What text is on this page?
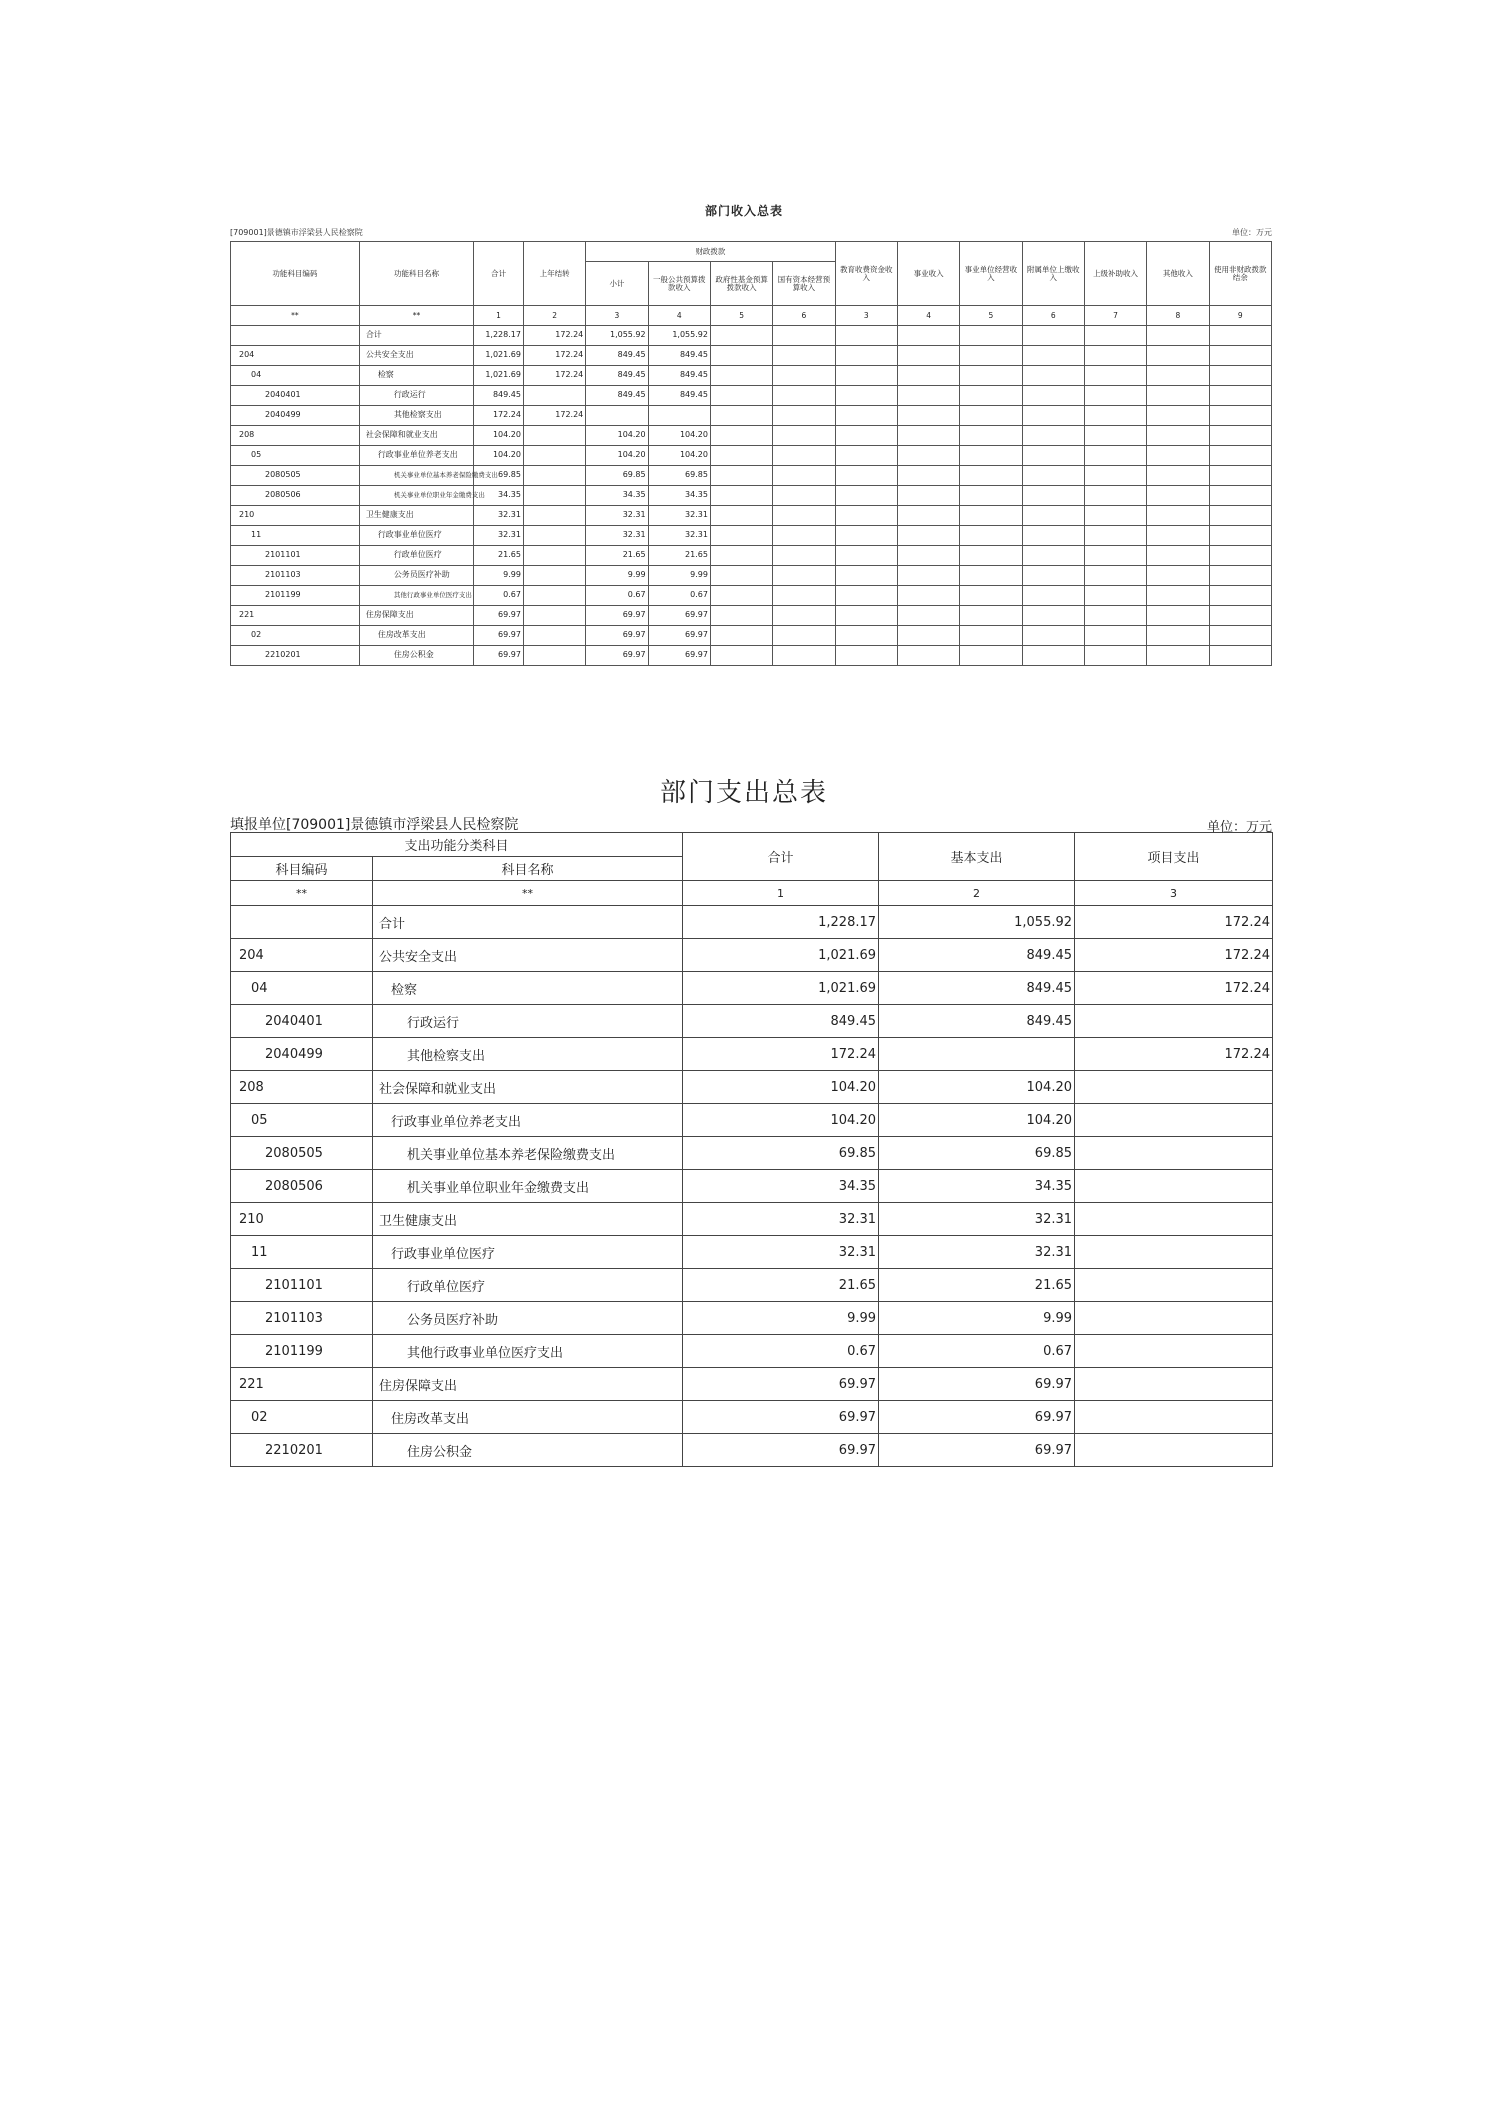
部门收入总表
[709001]景德镇市浮梁县人民检察院	单位：万元
功能科目编码	功能科目名称	合计	上年结转	财政拨款				教育收费资金收入	事业收入	事业单位经营收入	附属单位上缴收入	上级补助收入	其他收入	使用非财政拨款结余
				小计	一般公共预算拨款收入	政府性基金预算拨款收入	国有资本经营预算收入							
**	**	1	2	3	4	5	6	3	4	5	6	7	8	9
	合计	1,228.17	172.24	1,055.92	1,055.92									
204	公共安全支出	1,021.69	172.24	849.45	849.45									
04	检察	1,021.69	172.24	849.45	849.45									
2040401	行政运行	849.45		849.45	849.45									
2040499	其他检察支出	172.24	172.24											
208	社会保障和就业支出	104.20		104.20	104.20									
05	行政事业单位养老支出	104.20		104.20	104.20									
2080505	机关事业单位基本养老保险缴费支出	69.85		69.85	69.85									
2080506	机关事业单位职业年金缴费支出	34.35		34.35	34.35									
210	卫生健康支出	32.31		32.31	32.31									
11	行政事业单位医疗	32.31		32.31	32.31									
2101101	行政单位医疗	21.65		21.65	21.65									
2101103	公务员医疗补助	9.99		9.99	9.99									
2101199	其他行政事业单位医疗支出	0.67		0.67	0.67									
221	住房保障支出	69.97		69.97	69.97									
02	住房改革支出	69.97		69.97	69.97									
2210201	住房公积金	69.97		69.97	69.97									
部门支出总表
填报单位[709001]景德镇市浮梁县人民检察院	单位：万元
支出功能分类科目		合计	基本支出	项目支出
科目编码	科目名称			
**	**	1	2	3
	合计	1,228.17	1,055.92	172.24
204	公共安全支出	1,021.69	849.45	172.24
04	检察	1,021.69	849.45	172.24
2040401	行政运行	849.45	849.45	
2040499	其他检察支出	172.24		172.24
208	社会保障和就业支出	104.20	104.20	
05	行政事业单位养老支出	104.20	104.20	
2080505	机关事业单位基本养老保险缴费支出	69.85	69.85	
2080506	机关事业单位职业年金缴费支出	34.35	34.35	
210	卫生健康支出	32.31	32.31	
11	行政事业单位医疗	32.31	32.31	
2101101	行政单位医疗	21.65	21.65	
2101103	公务员医疗补助	9.99	9.99	
2101199	其他行政事业单位医疗支出	0.67	0.67	
221	住房保障支出	69.97	69.97	
02	住房改革支出	69.97	69.97	
2210201	住房公积金	69.97	69.97	
